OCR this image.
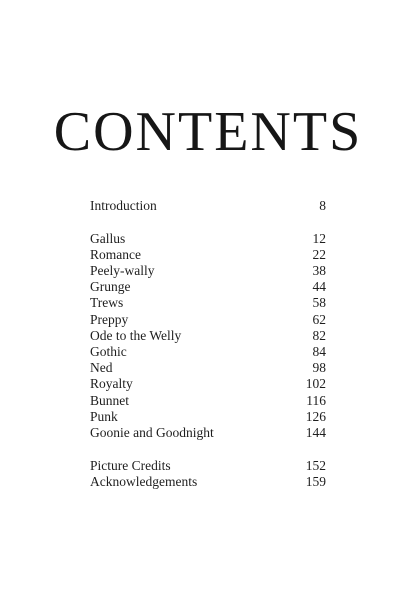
CONTENTS
Introduction	8
Gallus	12
Romance	22
Peely-wally	38
Grunge	44
Trews	58
Preppy	62
Ode to the Welly	82
Gothic	84
Ned	98
Royalty	102
Bunnet	116
Punk	126
Goonie and Goodnight	144
Picture Credits	152
Acknowledgements	159
